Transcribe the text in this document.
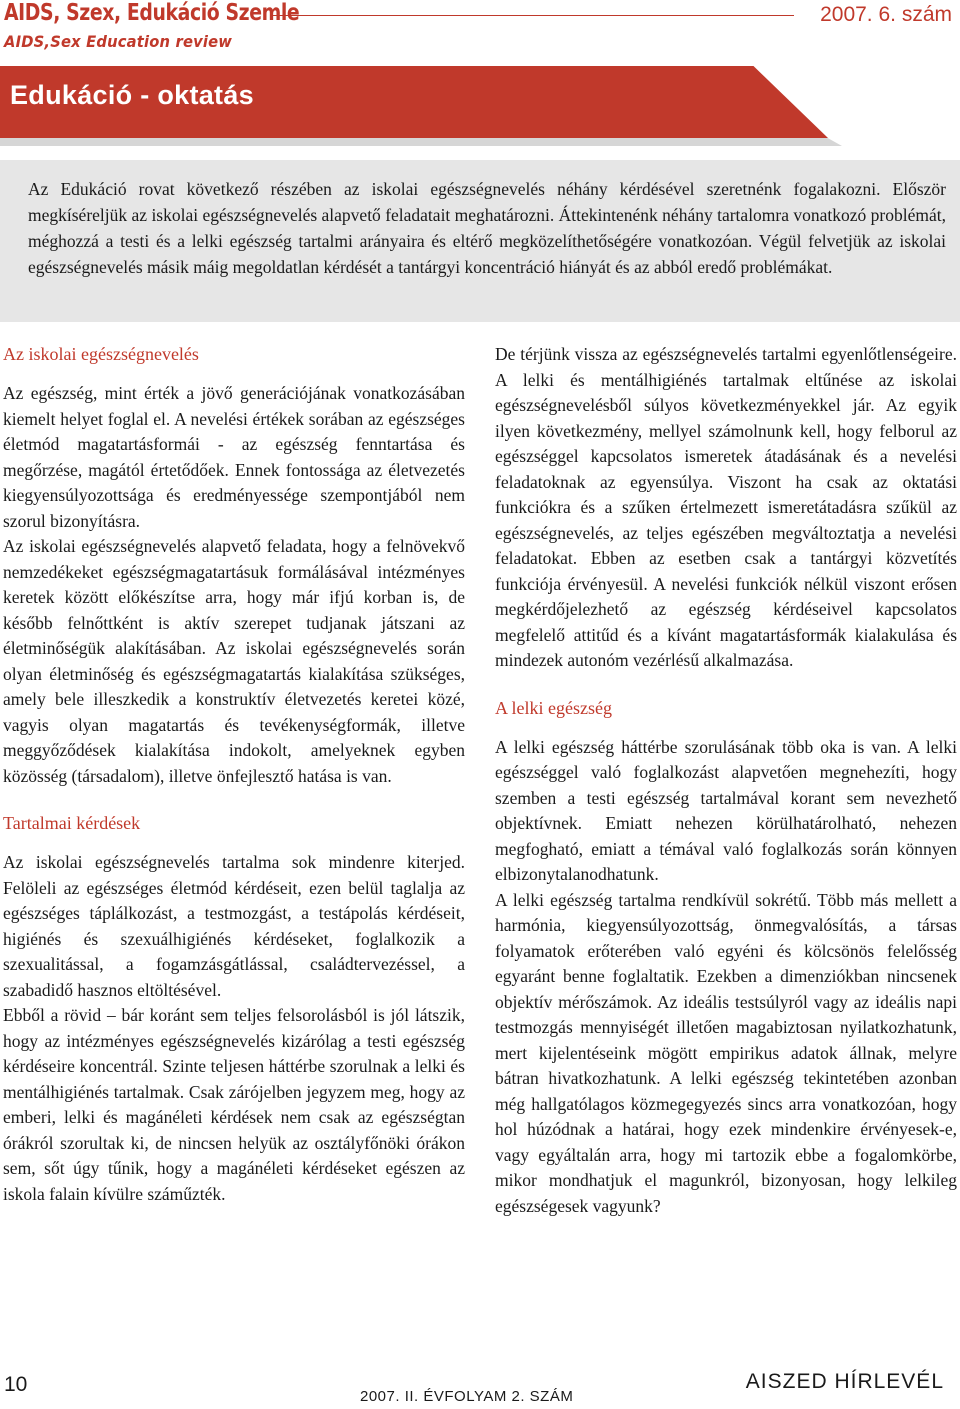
AIDS, Szex, Edukáció Szemle
AIDS,Sex Education review
2007. 6. szám
Edukáció - oktatás
Az Edukáció rovat következő részében az iskolai egészségnevelés néhány kérdésével szeretnénk fogalakozni. Először megkíséreljük az iskolai egészségnevelés alapvető feladatait meghatározni. Áttekintenénk néhány tartalomra vonatkozó problémát, méghozzá a testi és a lelki egészség tartalmi arányaira és eltérő megközelíthetőségére vonatkozóan. Végül felvetjük az iskolai egészségnevelés másik máig megoldatlan kérdését a tantárgyi koncentráció hiányát és az abból eredő problémákat.
Az iskolai egészségnevelés

Az egészség, mint érték a jövő generációjának vonatkozásában kiemelt helyet foglal el. A nevelési értékek sorában az egészséges életmód magatartásformái - az egészség fenntartása és megőrzése, magától értetődőek. Ennek fontossága az életvezetés kiegyensúlyozottsága és eredményessége szempontjából nem szorul bizonyításra.

Az iskolai egészségnevelés alapvető feladata, hogy a felnövekvő nemzedékeket egészségmagatartásuk formálásával intézményes keretek között előkészítse arra, hogy már ifjú korban is, de később felnőttként is aktív szerepet tudjanak játszani az életminőségük alakításában. Az iskolai egészségnevelés során olyan életminőség és egészségmagatartás kialakítása szükséges, amely bele illeszkedik a konstruktív életvezetés keretei közé, vagyis olyan magatartás és tevékenységformák, illetve meggyőződések kialakítása indokolt, amelyeknek egyben közösség (társadalom), illetve önfejlesztő hatása is van.

Tartalmai kérdések

Az iskolai egészségnevelés tartalma sok mindenre kiterjed. Felöleli az egészséges életmód kérdéseit, ezen belül taglalja az egészséges táplálkozást, a testmozgást, a testápolás kérdéseit, higiénés és szexuálhigiénés kérdéseket, foglalkozik a szexualitással, a fogamzásgátlással, családtervezéssel, a szabadidő hasznos eltöltésével.

Ebből a rövid – bár koránt sem teljes felsorolásból is jól látszik, hogy az intézményes egészségnevelés kizárólag a testi egészség kérdéseire koncentrál. Szinte teljesen háttérbe szorulnak a lelki és mentálhigiénés tartalmak. Csak zárójelben jegyzem meg, hogy az emberi, lelki és magánéleti kérdések nem csak az egészségtan órákról szorultak ki, de nincsen helyük az osztályfőnöki órákon sem, sőt úgy tűnik, hogy a magánéleti kérdéseket egészen az iskola falain kívülre száműzték.

De térjünk vissza az egészségnevelés tartalmi egyenlőtlenségeire. A lelki és mentálhigiénés tartalmak eltűnése az iskolai egészségnevelésből súlyos következményekkel jár. Az egyik ilyen következmény, mellyel számolnunk kell, hogy felborul az egészséggel kapcsolatos ismeretek átadásának és a nevelési feladatoknak az egyensúlya. Viszont ha csak az oktatási funkciókra és a szűken értelmezett ismeretátadásra szűkül az egészségnevelés, az teljes egészében megváltoztatja a nevelési feladatokat. Ebben az esetben csak a tantárgyi közvetítés funkciója érvényesül. A nevelési funkciók nélkül viszont erősen megkérdőjelezhető az egészség kérdéseivel kapcsolatos megfelelő attitűd és a kívánt magatartásformák kialakulása és mindezek autonóm vezérlésű alkalmazása.

A lelki egészség

A lelki egészség háttérbe szorulásának több oka is van. A lelki egészséggel való foglalkozást alapvetően megnehezíti, hogy szemben a testi egészség tartalmával korant sem nevezhető objektívnek. Emiatt nehezen körülhatárolható, nehezen megfogható, emiatt a témával való foglalkozás során könnyen elbizonytalanodhatunk.

A lelki egészség tartalma rendkívül sokrétű. Több más mellett a harmónia, kiegyensúlyozottság, önmegvalósítás, a társas folyamatok erőterében való egyéni és kölcsönös felelősség egyaránt benne foglaltatik. Ezekben a dimenziókban nincsenek objektív mérőszámok. Az ideális testsúlyról vagy az ideális napi testmozgás mennyiségét illetően magabiztosan nyilatkozhatunk, mert kijelentéseink mögött empirikus adatok állnak, melyre bátran hivatkozhatunk. A lelki egészség tekintetében azonban még hallgatólagos közmegegyezés sincs arra vonatkozóan, hogy hol húzódnak a határai, hogy ezek mindenkire érvényesek-e, vagy egyáltalán arra, hogy mi tartozik ebbe a fogalomkörbe, mikor mondhatjuk el magunkról, bizonyosan, hogy lelkileg egészségesek vagyunk?

10
2007. II. ÉVFOLYAM 2. SZÁM
AISZED HÍRLEVÉL
